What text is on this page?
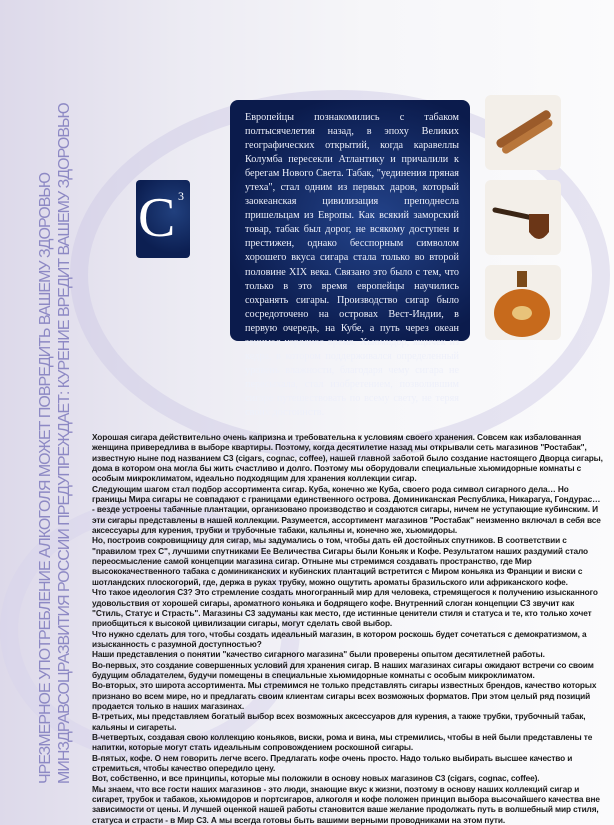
ЧРЕЗМЕРНОЕ УПОТРЕБЛЕНИЕ АЛКОГОЛЯ МОЖЕТ ПОВРЕДИТЬ ВАШЕМУ ЗДОРОВЬЮ МИНЗДРАВСОЦРАЗВИТИЯ РОССИИ ПРЕДУПРЕЖДАЕТ: КУРЕНИЕ ВРЕДИТ ВАШЕМУ ЗДОРОВЬЮ C 3

Европейцы познакомились с табаком полтысячелетия назад, в эпоху Великих географических открытий, когда каравеллы Колумба пересекли Атлантику и причалили к берегам Нового Света. Табак, "уединения пряная утеха", стал одним из первых даров, который заокеанская цивилизация преподнесла пришельцам из Европы. Как всякий заморский товар, табак был дорог, не всякому доступен и престижен, однако бесспорным символом хорошего вкуса сигара стала только во второй половине XIX века. Связано это было с тем, что только в это время европейцы научились сохранять сигары. Производство сигар было сосредоточено на островах Вест-Индии, в первую очередь, на Кубе, а путь через океан занимал изрядное время. Хьюмидор, ящичек из кедра, в котором поддерживался определенный уровень влажности, благодаря чему сигара не пересыхала, стал изобретением, позволившим сигаре путешествовать по всему свету, не теряя своих достоинств.

Хорошая сигара действительно очень капризна и требовательна к условиям своего хранения. Совсем как избалованная женщина привередлива в выборе квартиры. Поэтому, когда десятилетие назад мы открывали сеть магазинов "Ростабак", известную ныне под названием C3 (cigars, cognac, coffee), нашей главной заботой было создание настоящего Дворца сигары, дома в котором она могла бы жить счастливо и долго. Поэтому мы оборудовали специальные хьюмидорные комнаты с особым микроклиматом, идеально подходящим для хранения коллекции сигар.

Следующим шагом стал подбор ассортимента сигар. Куба, конечно же Куба, своего рода символ сигарного дела… Но границы Мира сигары не совпадают с границами единственного острова. Доминиканская Республика, Никарагуа, Гондурас… - везде устроены табачные плантации, организовано производство и создаются сигары, ничем не уступающие кубинским. И эти сигары представлены в нашей коллекции. Разумеется, ассортимент магазинов "Ростабак" неизменно включал в себя все аксессуары для курения, трубки и трубочные табаки, кальяны и, конечно же, хьюмидоры.

Но, построив сокровищницу для сигар, мы задумались о том, чтобы дать ей достойных спутников. В соответствии с "правилом трех C", лучшими спутниками Ее Величества Сигары были Коньяк и Кофе. Результатом наших раздумий стало переосмысление самой концепции магазина сигар. Отныне мы стремимся создавать пространство, где Мир высококачественного табака с доминиканских и кубинских плантаций встретится с Миром коньяка из Франции и виски с шотландских плоскогорий, где, держа в руках трубку, можно ощутить ароматы бразильского или африканского кофе.

Что такое идеология C3? Это стремление создать многогранный мир для человека, стремящегося к получению изысканного удовольствия от хорошей сигары, ароматного коньяка и бодрящего кофе. Внутренний слоган концепции C3 звучит как "Стиль, Статус и Страсть". Магазины C3 задуманы как место, где истинные ценители стиля и статуса и те, кто только хочет приобщиться к высокой цивилизации сигары, могут сделать свой выбор.

Что нужно сделать для того, чтобы создать идеальный магазин, в котором роскошь будет сочетаться с демократизмом, а изысканность с разумной доступностью?

Наши представления о понятии "качество сигарного магазина" были проверены опытом десятилетней работы.

Во-первых, это создание совершенных условий для хранения сигар. В наших магазинах сигары ожидают встречи со своим будущим обладателем, будучи помещены в специальные хьюмидорные комнаты с особым микроклиматом.

Во-вторых, это широта ассортимента. Мы стремимся не только представлять сигары известных брендов, качество которых признано во всем мире, но и предлагать своим клиентам сигары всех возможных форматов. При этом целый ряд позиций продается только в наших магазинах.

В-третьих, мы представляем богатый выбор всех возможных аксессуаров для курения, а также трубки, трубочный табак, кальяны и сигареты.

В-четвертых, создавая свою коллекцию коньяков, виски, рома и вина, мы стремились, чтобы в ней были представлены те напитки, которые могут стать идеальным сопровождением роскошной сигары.

В-пятых, кофе. О нем говорить легче всего. Предлагать кофе очень просто. Надо только выбирать высшее качество и стремиться, чтобы качество опередило цену.

Вот, собственно, и все принципы, которые мы положили в основу новых магазинов C3 (cigars, cognac, coffee).

Мы знаем, что все гости наших магазинов - это люди, знающие вкус к жизни, поэтому в основу наших коллекций сигар и сигарет, трубок и табаков, хьюмидоров и портсигаров, алкоголя и кофе положен принцип выбора высочайшего качества вне зависимости от цены. И лучшей оценкой нашей работы становится ваше желание продолжать путь в волшебный мир стиля, статуса и страсти - в Мир C3. А мы всегда готовы быть вашими верными проводниками на этом пути.
